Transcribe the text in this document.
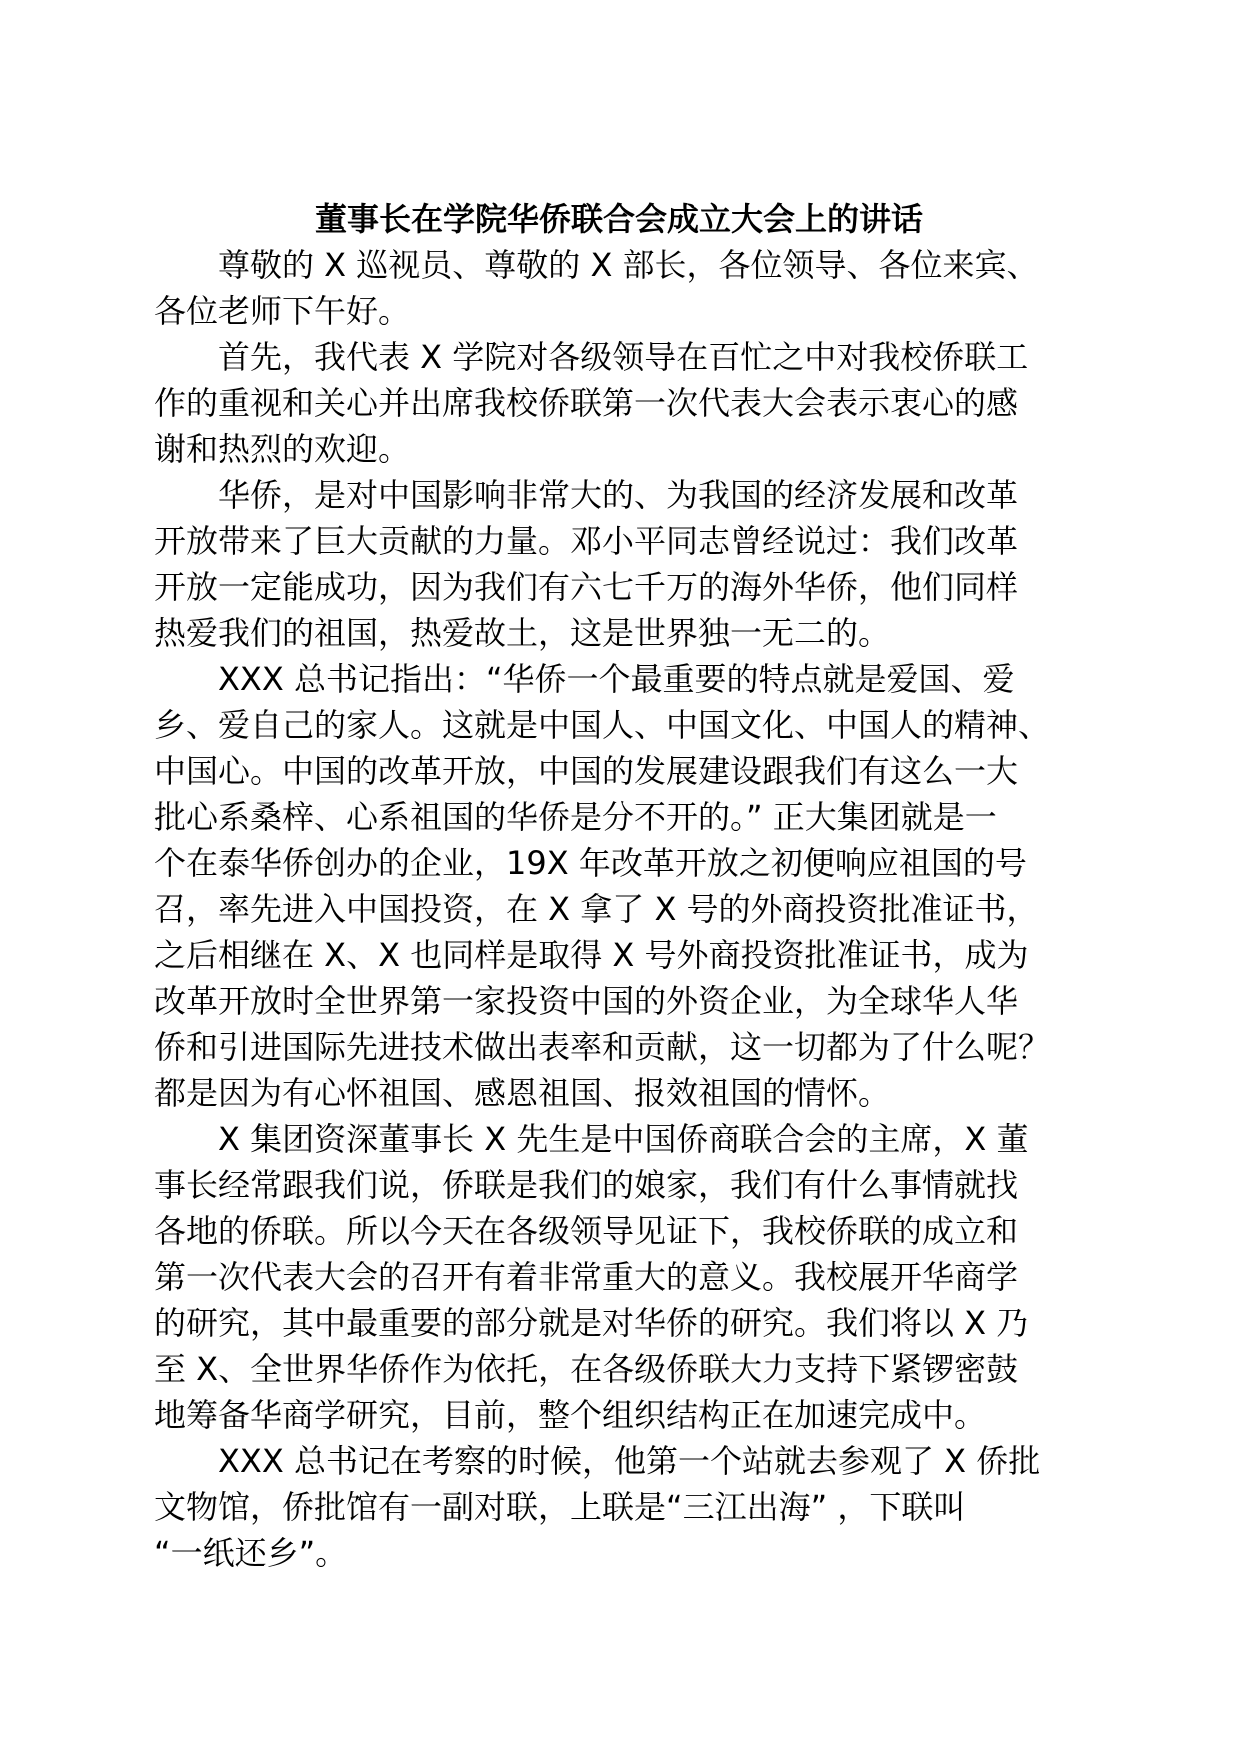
董事长在学院华侨联合会成立大会上的讲话

尊敬的 X 巡视员、尊敬的 X 部长，各位领导、各位来宾、
各位老师下午好。

首先，我代表 X 学院对各级领导在百忙之中对我校侨联工
作的重视和关心并出席我校侨联第一次代表大会表示衷心的感
谢和热烈的欢迎。

华侨，是对中国影响非常大的、为我国的经济发展和改革
开放带来了巨大贡献的力量。邓小平同志曾经说过：我们改革
开放一定能成功，因为我们有六七千万的海外华侨，他们同样
热爱我们的祖国，热爱故土，这是世界独一无二的。

XXX 总书记指出：“华侨一个最重要的特点就是爱国、爱
乡、爱自己的家人。这就是中国人、中国文化、中国人的精神、
中国心。中国的改革开放，中国的发展建设跟我们有这么一大
批心系桑梓、心系祖国的华侨是分不开的。” 正大集团就是一
个在泰华侨创办的企业，19X 年改革开放之初便响应祖国的号
召，率先进入中国投资，在 X 拿了 X 号的外商投资批准证书，
之后相继在 X、X 也同样是取得 X 号外商投资批准证书，成为
改革开放时全世界第一家投资中国的外资企业，为全球华人华
侨和引进国际先进技术做出表率和贡献，这一切都为了什么呢？
都是因为有心怀祖国、感恩祖国、报效祖国的情怀。

X 集团资深董事长 X 先生是中国侨商联合会的主席，X 董
事长经常跟我们说，侨联是我们的娘家，我们有什么事情就找
各地的侨联。所以今天在各级领导见证下，我校侨联的成立和
第一次代表大会的召开有着非常重大的意义。我校展开华商学
的研究，其中最重要的部分就是对华侨的研究。我们将以 X 乃
至 X、全世界华侨作为依托，在各级侨联大力支持下紧锣密鼓
地筹备华商学研究，目前，整个组织结构正在加速完成中。

XXX 总书记在考察的时候，他第一个站就去参观了 X 侨批
文物馆，侨批馆有一副对联，上联是“三江出海” ，下联叫
“一纸还乡”。
